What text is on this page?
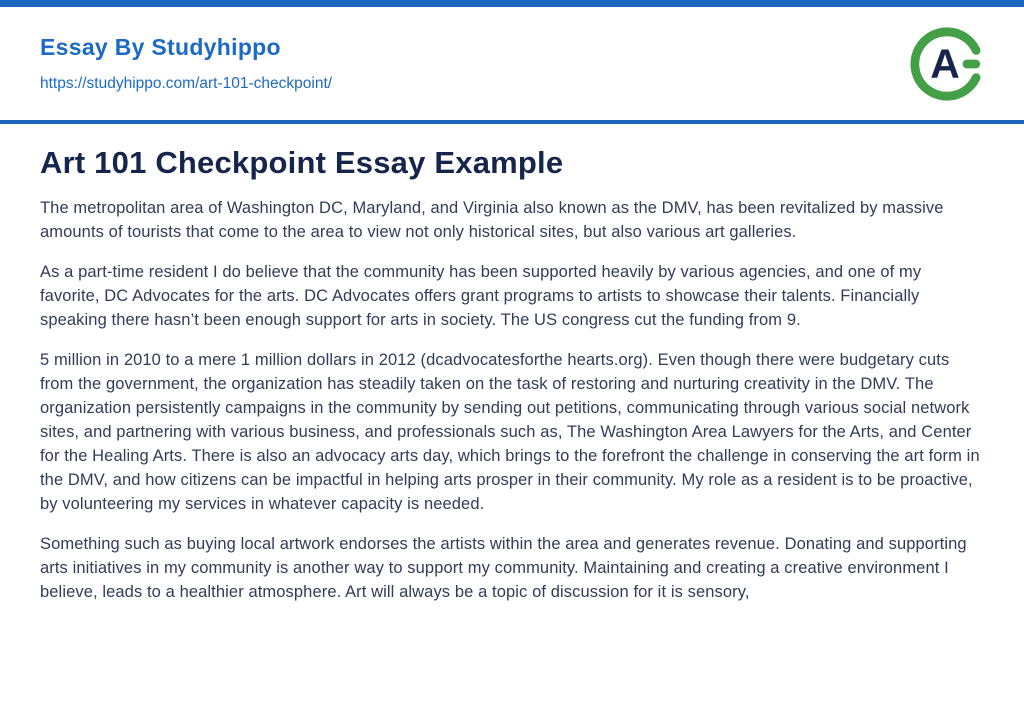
Essay By Studyhippo
https://studyhippo.com/art-101-checkpoint/	A
Art 101 Checkpoint Essay Example

The metropolitan area of Washington DC, Maryland, and Virginia also known as the DMV, has been revitalized by massive amounts of tourists that come to the area to view not only historical sites, but also various art galleries.

As a part-time resident I do believe that the community has been supported heavily by various agencies, and one of my favorite, DC Advocates for the arts. DC Advocates offers grant programs to artists to showcase their talents. Financially speaking there hasn’t been enough support for arts in society. The US congress cut the funding from 9.

5 million in 2010 to a mere 1 million dollars in 2012 (dcadvocatesforthe hearts.org). Even though there were budgetary cuts from the government, the organization has steadily taken on the task of restoring and nurturing creativity in the DMV. The organization persistently campaigns in the community by sending out petitions, communicating through various social network sites, and partnering with various business, and professionals such as, The Washington Area Lawyers for the Arts, and Center for the Healing Arts. There is also an advocacy arts day, which brings to the forefront the challenge in conserving the art form in the DMV, and how citizens can be impactful in helping arts prosper in their community. My role as a resident is to be proactive, by volunteering my services in whatever capacity is needed.

Something such as buying local artwork endorses the artists within the area and generates revenue. Donating and supporting arts initiatives in my community is another way to support my community. Maintaining and creating a creative environment I believe, leads to a healthier atmosphere. Art will always be a topic of discussion for it is sensory,
